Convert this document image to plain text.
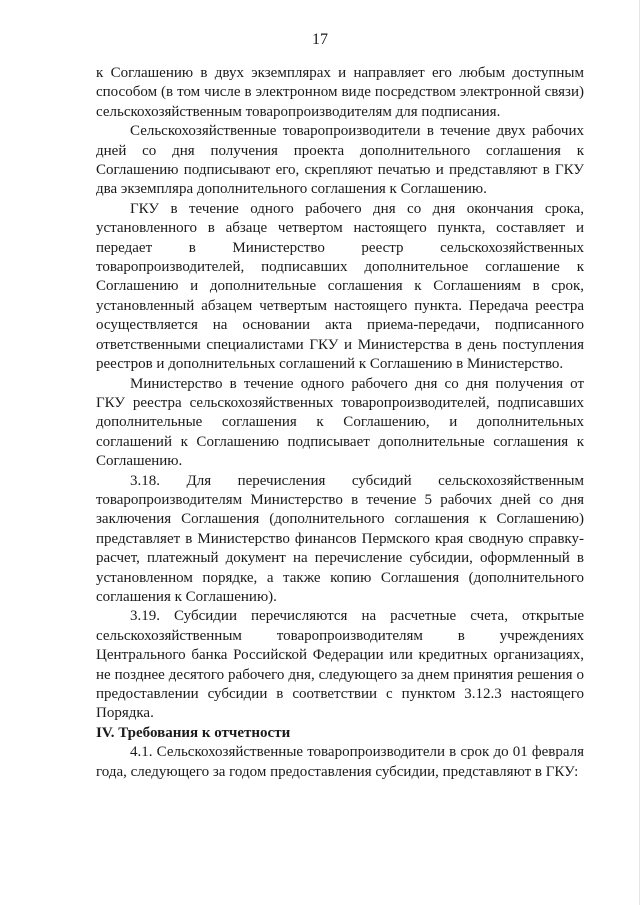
17

к Соглашению в двух экземплярах и направляет его любым доступным способом (в том числе в электронном виде посредством электронной связи) сельскохозяйственным товаропроизводителям для подписания.

Сельскохозяйственные товаропроизводители в течение двух рабочих дней со дня получения проекта дополнительного соглашения к Соглашению подписывают его, скрепляют печатью и представляют в ГКУ два экземпляра дополнительного соглашения к Соглашению.

ГКУ в течение одного рабочего дня со дня окончания срока, установленного в абзаце четвертом настоящего пункта, составляет и передает в Министерство реестр сельскохозяйственных товаропроизводителей, подписавших дополнительное соглашение к Соглашению и дополнительные соглашения к Соглашениям в срок, установленный абзацем четвертым настоящего пункта. Передача реестра осуществляется на основании акта приема-передачи, подписанного ответственными специалистами ГКУ и Министерства в день поступления реестров и дополнительных соглашений к Соглашению в Министерство.

Министерство в течение одного рабочего дня со дня получения от ГКУ реестра сельскохозяйственных товаропроизводителей, подписавших дополнительные соглашения к Соглашению, и дополнительных соглашений к Соглашению подписывает дополнительные соглашения к Соглашению.

3.18. Для перечисления субсидий сельскохозяйственным товаропроизводителям Министерство в течение 5 рабочих дней со дня заключения Соглашения (дополнительного соглашения к Соглашению) представляет в Министерство финансов Пермского края сводную справку-расчет, платежный документ на перечисление субсидии, оформленный в установленном порядке, а также копию Соглашения (дополнительного соглашения к Соглашению).

3.19. Субсидии перечисляются на расчетные счета, открытые сельскохозяйственным товаропроизводителям в учреждениях Центрального банка Российской Федерации или кредитных организациях, не позднее десятого рабочего дня, следующего за днем принятия решения о предоставлении субсидии в соответствии с пунктом 3.12.3 настоящего Порядка.

IV. Требования к отчетности

4.1. Сельскохозяйственные товаропроизводители в срок до 01 февраля года, следующего за годом предоставления субсидии, представляют в ГКУ:
